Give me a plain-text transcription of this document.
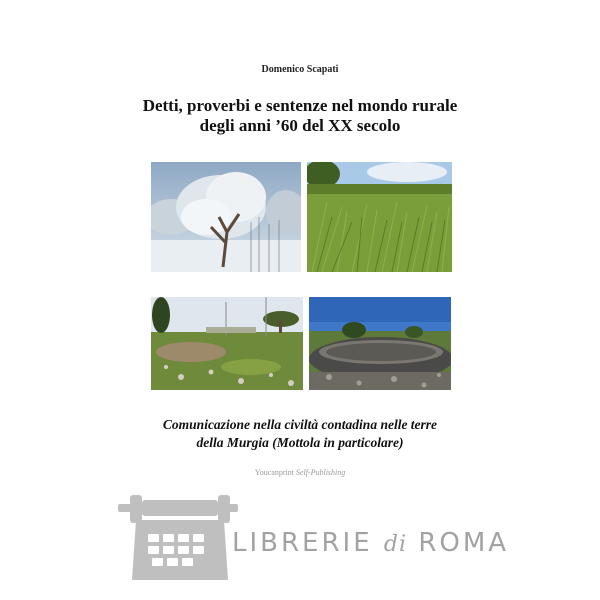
Domenico Scapati
Detti, proverbi e sentenze nel mondo rurale
degli anni ’60 del XX secolo
Comunicazione nella civiltà contadina nelle terre
della Murgia (Mottola in particolare)
Youcanprint Self-Publishing
LIBRERIE di ROMA
